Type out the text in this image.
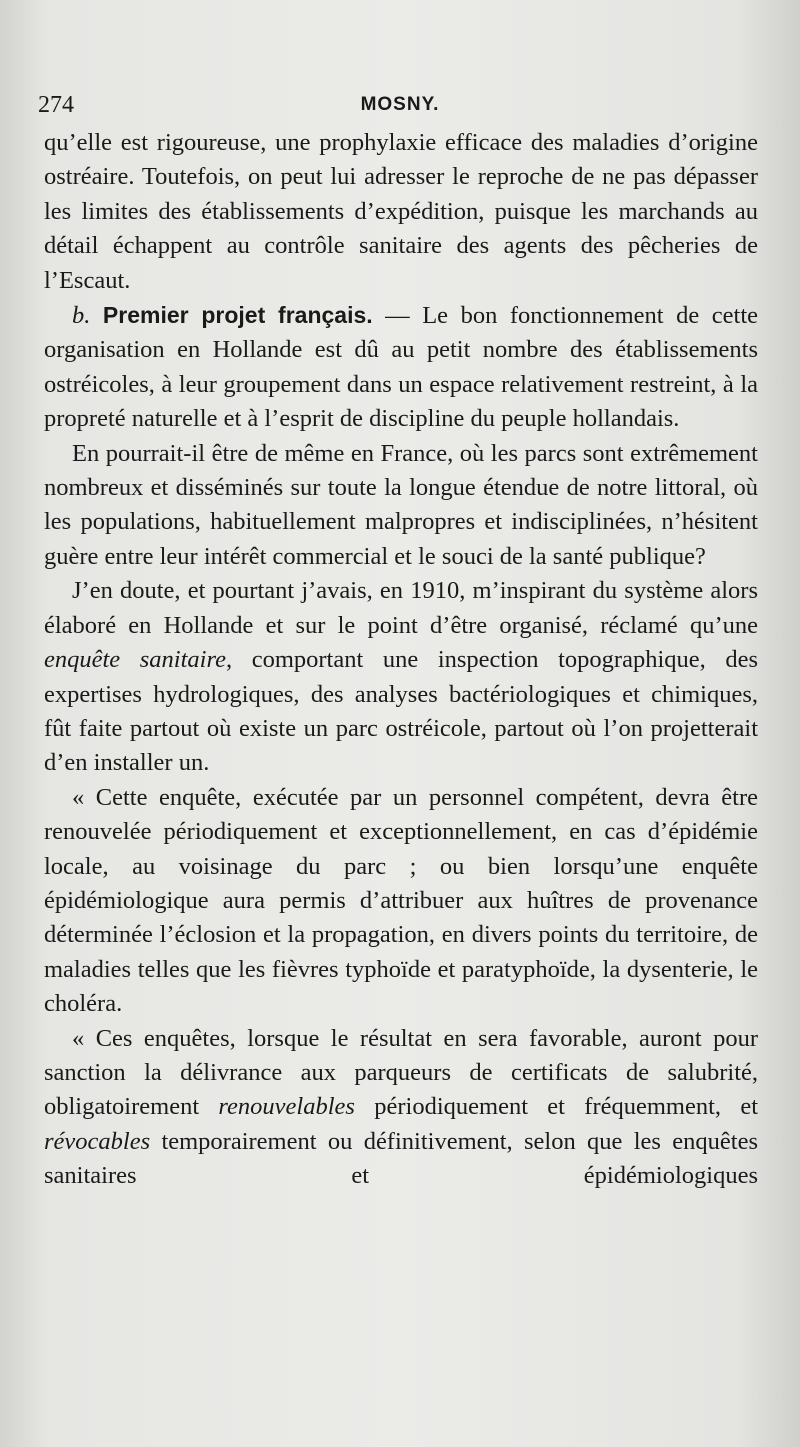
274	MOSNY.

qu’elle est rigoureuse, une prophylaxie efficace des maladies d’origine ostréaire. Toutefois, on peut lui adresser le reproche de ne pas dépasser les limites des établissements d’expédition, puisque les marchands au détail échappent au contrôle sanitaire des agents des pêcheries de l’Escaut.

b. Premier projet français. — Le bon fonctionnement de cette organisation en Hollande est dû au petit nombre des établissements ostréicoles, à leur groupement dans un espace relativement restreint, à la propreté naturelle et à l’esprit de discipline du peuple hollandais.

En pourrait-il être de même en France, où les parcs sont extrêmement nombreux et disséminés sur toute la longue étendue de notre littoral, où les populations, habituellement malpropres et indisciplinées, n’hésitent guère entre leur intérêt commercial et le souci de la santé publique?

J’en doute, et pourtant j’avais, en 1910, m’inspirant du système alors élaboré en Hollande et sur le point d’être organisé, réclamé qu’une enquête sanitaire, comportant une inspection topographique, des expertises hydrologiques, des analyses bactériologiques et chimiques, fût faite partout où existe un parc ostréicole, partout où l’on projetterait d’en installer un.

« Cette enquête, exécutée par un personnel compétent, devra être renouvelée périodiquement et exceptionnellement, en cas d’épidémie locale, au voisinage du parc ; ou bien lorsqu’une enquête épidémiologique aura permis d’attribuer aux huîtres de provenance déterminée l’éclosion et la propagation, en divers points du territoire, de maladies telles que les fièvres typhoïde et paratyphoïde, la dysenterie, le choléra.

« Ces enquêtes, lorsque le résultat en sera favorable, auront pour sanction la délivrance aux parqueurs de certificats de salubrité, obligatoirement renouvelables périodiquement et fréquemment, et révocables temporairement ou définitivement, selon que les enquêtes sanitaires et épidémiologiques
